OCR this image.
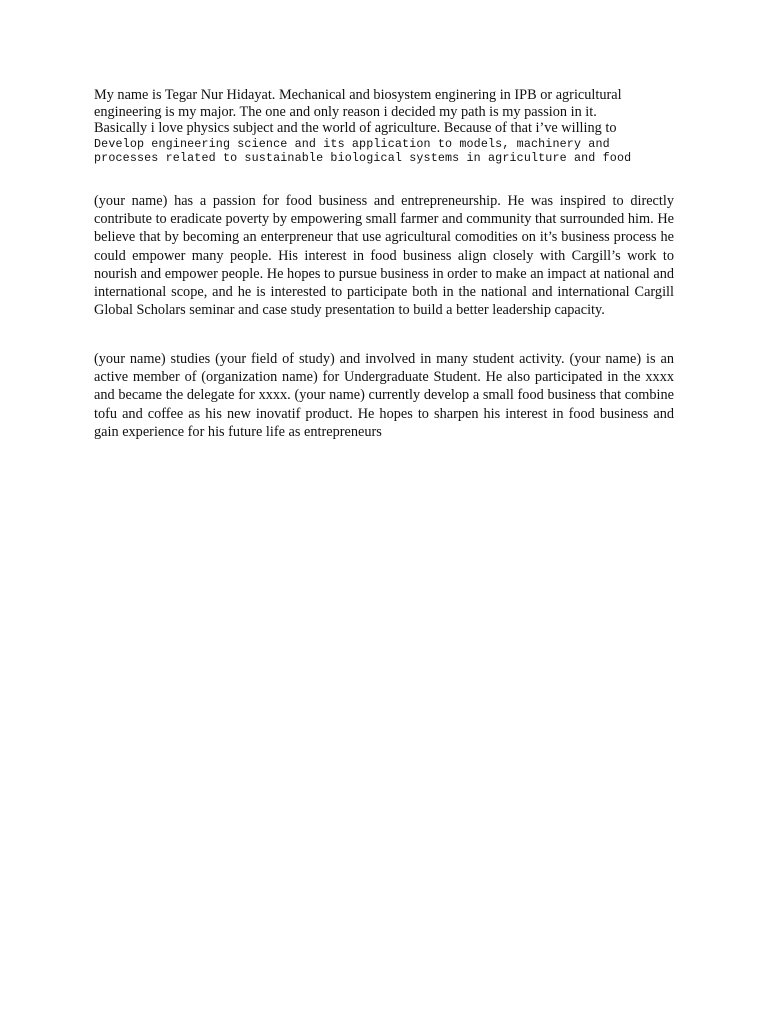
My name is Tegar Nur Hidayat. Mechanical and biosystem enginering in IPB or agricultural
engineering is my major. The one and only reason i decided my path is my passion in it.
Basically i love physics subject and the world of agriculture. Because of that i’ve willing to
Develop engineering science and its application to models, machinery and
processes related to sustainable biological systems in agriculture and food

(your name) has a passion for food business and entrepreneurship. He was inspired to directly contribute to eradicate poverty by empowering small farmer and community that surrounded him. He believe that by becoming an enterpreneur that use agricultural comodities on it’s business process he could empower many people. His interest in food business align closely with Cargill’s work to nourish and empower people. He hopes to pursue business in order to make an impact at national and international scope, and he is interested to participate both in the national and international Cargill Global Scholars seminar and case study presentation to build a better leadership capacity.

(your name) studies (your field of study) and involved in many student activity. (your name) is an active member of (organization name) for Undergraduate Student. He also participated in the xxxx and became the delegate for xxxx. (your name) currently develop a small food business that combine tofu and coffee as his new inovatif product. He hopes to sharpen his interest in food business and gain experience for his future life as entrepreneurs
